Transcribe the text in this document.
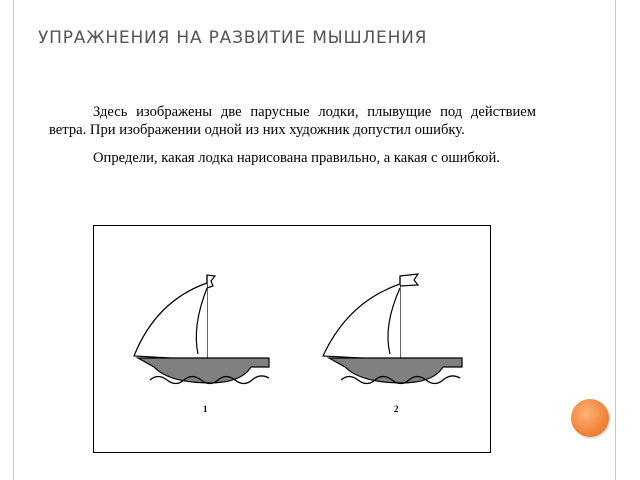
УПРАЖНЕНИЯ НА РАЗВИТИЕ МЫШЛЕНИЯ

Здесь изображены две парусные лодки, плывущие под действием ветра. При изображении одной из них художник допустил ошибку.

Определи, какая лодка нарисована правильно, а какая с ошибкой.

1	2
